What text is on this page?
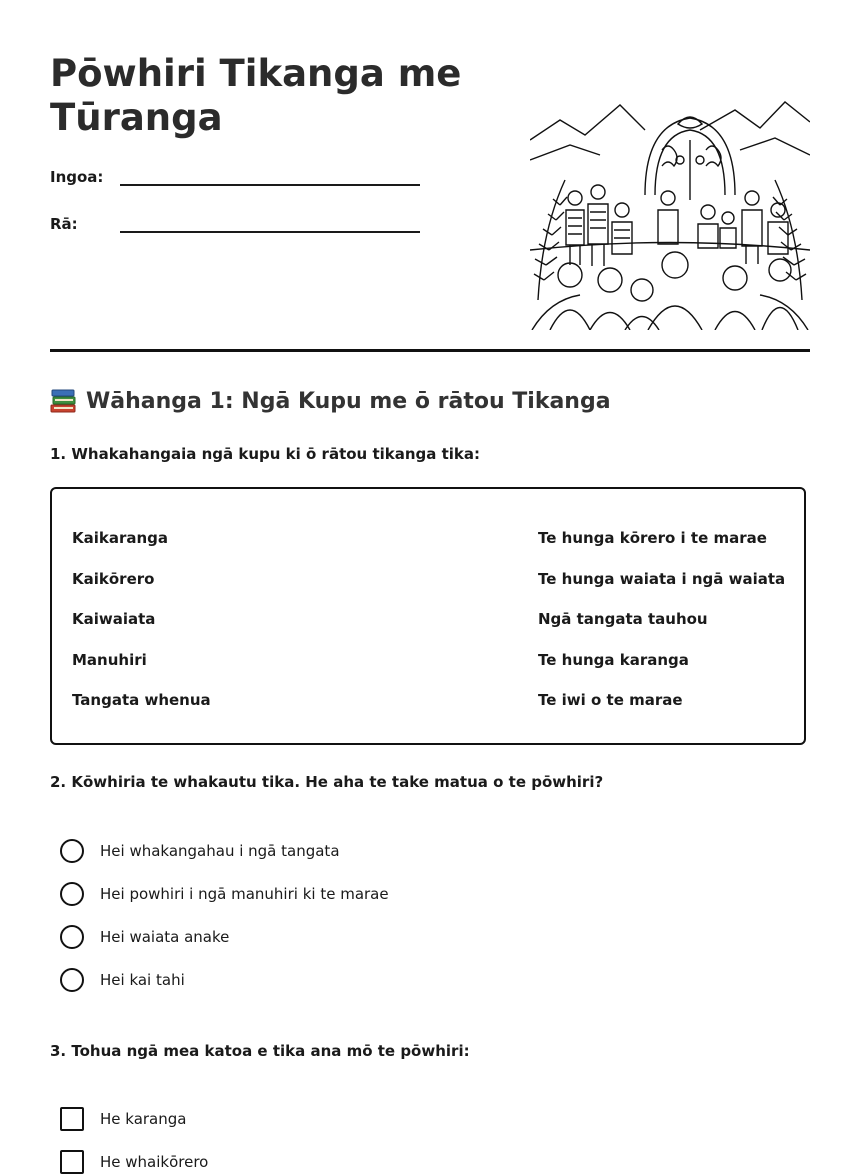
Pōwhiri Tikanga me
Tūranga
Ingoa:
Rā:
Wāhanga 1: Ngā Kupu me ō rātou Tikanga

1. Whakahangaia ngā kupu ki ō rātou tikanga tika:

Kaikaranga
Kaikōrero
Kaiwaiata
Manuhiri
Tangata whenua
Te hunga kōrero i te marae
Te hunga waiata i ngā waiata
Ngā tangata tauhou
Te hunga karanga
Te iwi o te marae

2. Kōwhiria te whakautu tika. He aha te take matua o te pōwhiri?

Hei whakangahau i ngā tangata
Hei powhiri i ngā manuhiri ki te marae
Hei waiata anake
Hei kai tahi

3. Tohua ngā mea katoa e tika ana mō te pōwhiri:

He karanga
He whaikōrero
